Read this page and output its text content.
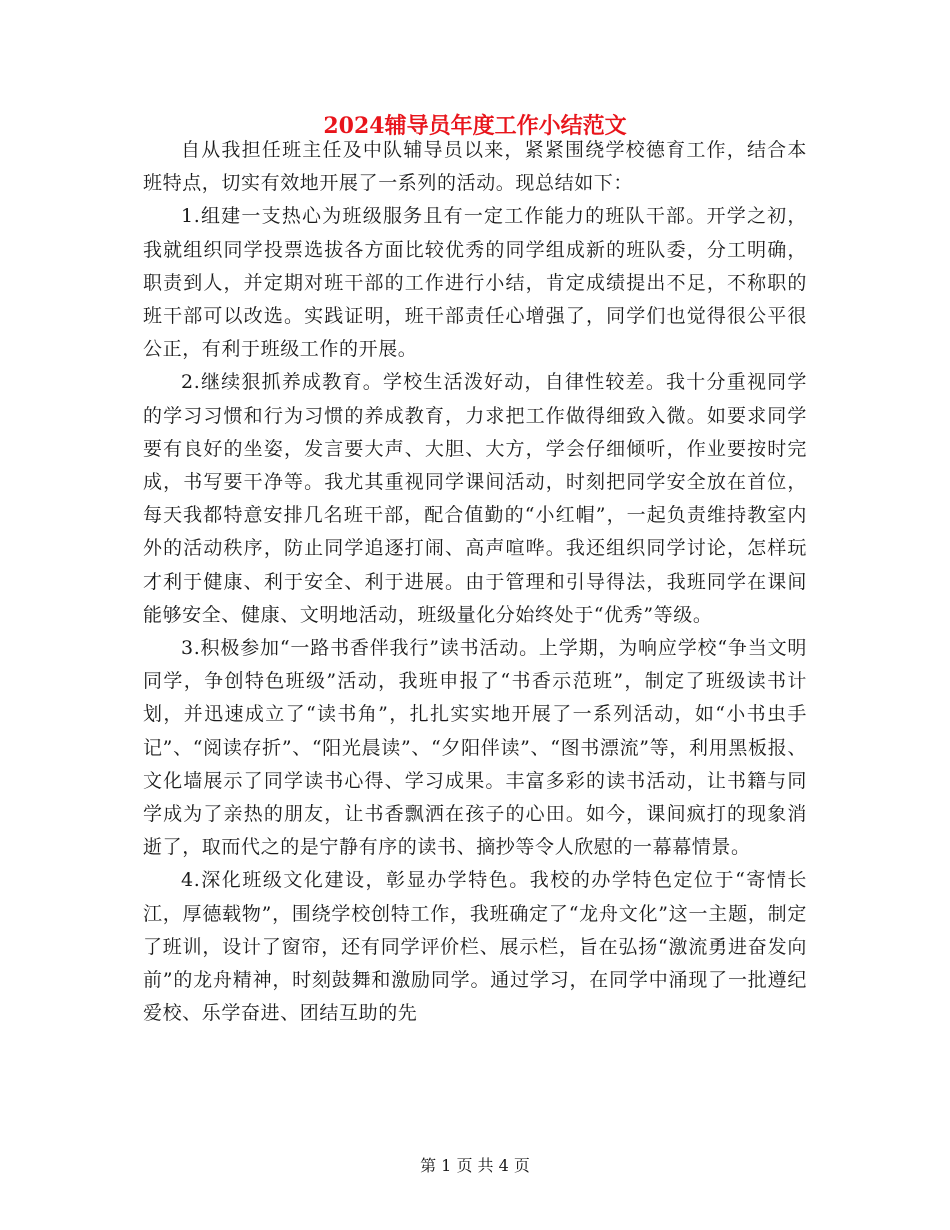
2024辅导员年度工作小结范文

自从我担任班主任及中队辅导员以来，紧紧围绕学校德育工作，结合本班特点，切实有效地开展了一系列的活动。现总结如下：

1.组建一支热心为班级服务且有一定工作能力的班队干部。开学之初，我就组织同学投票选拔各方面比较优秀的同学组成新的班队委，分工明确，职责到人，并定期对班干部的工作进行小结，肯定成绩提出不足，不称职的班干部可以改选。实践证明，班干部责任心增强了，同学们也觉得很公平很公正，有利于班级工作的开展。

2.继续狠抓养成教育。学校生活泼好动，自律性较差。我十分重视同学的学习习惯和行为习惯的养成教育，力求把工作做得细致入微。如要求同学要有良好的坐姿，发言要大声、大胆、大方，学会仔细倾听，作业要按时完成，书写要干净等。我尤其重视同学课间活动，时刻把同学安全放在首位，每天我都特意安排几名班干部，配合值勤的“小红帽”，一起负责维持教室内外的活动秩序，防止同学追逐打闹、高声喧哗。我还组织同学讨论，怎样玩才利于健康、利于安全、利于进展。由于管理和引导得法，我班同学在课间能够安全、健康、文明地活动，班级量化分始终处于“优秀”等级。

3.积极参加“一路书香伴我行”读书活动。上学期，为响应学校“争当文明同学，争创特色班级”活动，我班申报了“书香示范班”，制定了班级读书计划，并迅速成立了“读书角”，扎扎实实地开展了一系列活动，如“小书虫手记”、“阅读存折”、“阳光晨读”、“夕阳伴读”、“图书漂流”等，利用黑板报、文化墙展示了同学读书心得、学习成果。丰富多彩的读书活动，让书籍与同学成为了亲热的朋友，让书香飘洒在孩子的心田。如今，课间疯打的现象消逝了，取而代之的是宁静有序的读书、摘抄等令人欣慰的一幕幕情景。

4.深化班级文化建设，彰显办学特色。我校的办学特色定位于“寄情长江，厚德载物”，围绕学校创特工作，我班确定了“龙舟文化”这一主题，制定了班训，设计了窗帘，还有同学评价栏、展示栏，旨在弘扬“激流勇进奋发向前”的龙舟精神，时刻鼓舞和激励同学。通过学习，在同学中涌现了一批遵纪爱校、乐学奋进、团结互助的先

第 1 页 共 4 页
